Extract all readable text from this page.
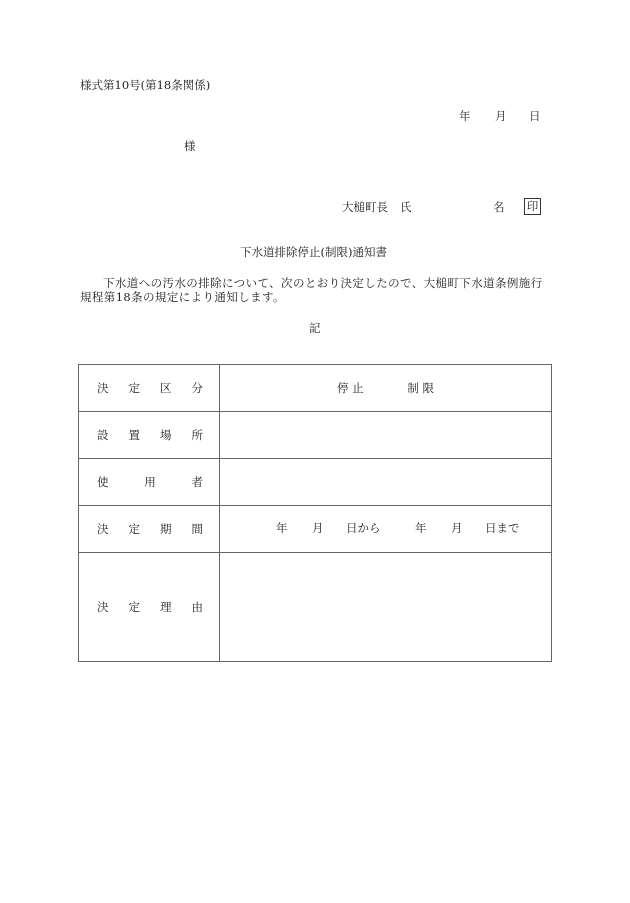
様式第10号(第18条関係)
年 月 日
様
大槌町長 氏	名 印
下水道排除停止(制限)通知書
下水道への汚水の排除について、次のとおり決定したので、大槌町下水道条例施行規程第18条の規定により通知します。
記
決 定 区 分	停 止 制 限

設 置 場 所	

使 用 者	

決 定 期 間	年 月 日から	年 月 日まで

決 定 理 由	
